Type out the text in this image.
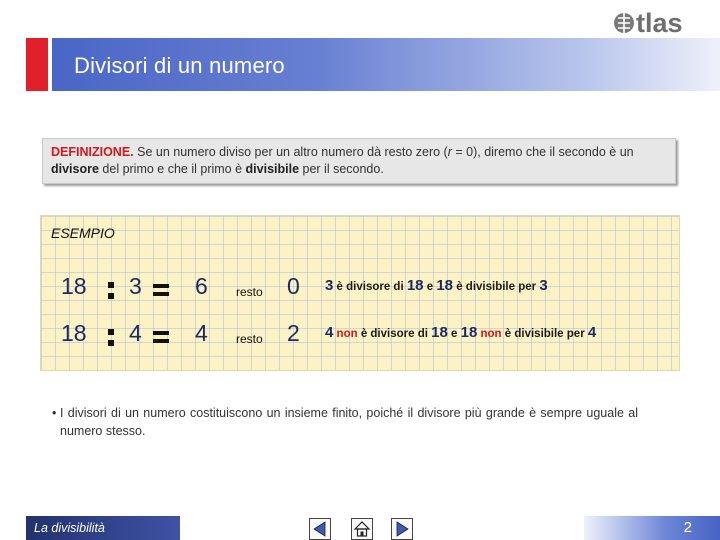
tlas
Divisori di un numero
DEFINIZIONE. Se un numero diviso per un altro numero dà resto zero (r = 0), diremo che il secondo è un divisore del primo e che il primo è divisibile per il secondo.
ESEMPIO
18 3 6 resto 0 3 è divisore di 18 e 18 è divisibile per 3
18 4 4 resto 2 4 non è divisore di 18 e 18 non è divisibile per 4
• I divisori di un numero costituiscono un insieme finito, poiché il divisore più grande è sempre uguale al numero stesso.
La divisibilità	2
